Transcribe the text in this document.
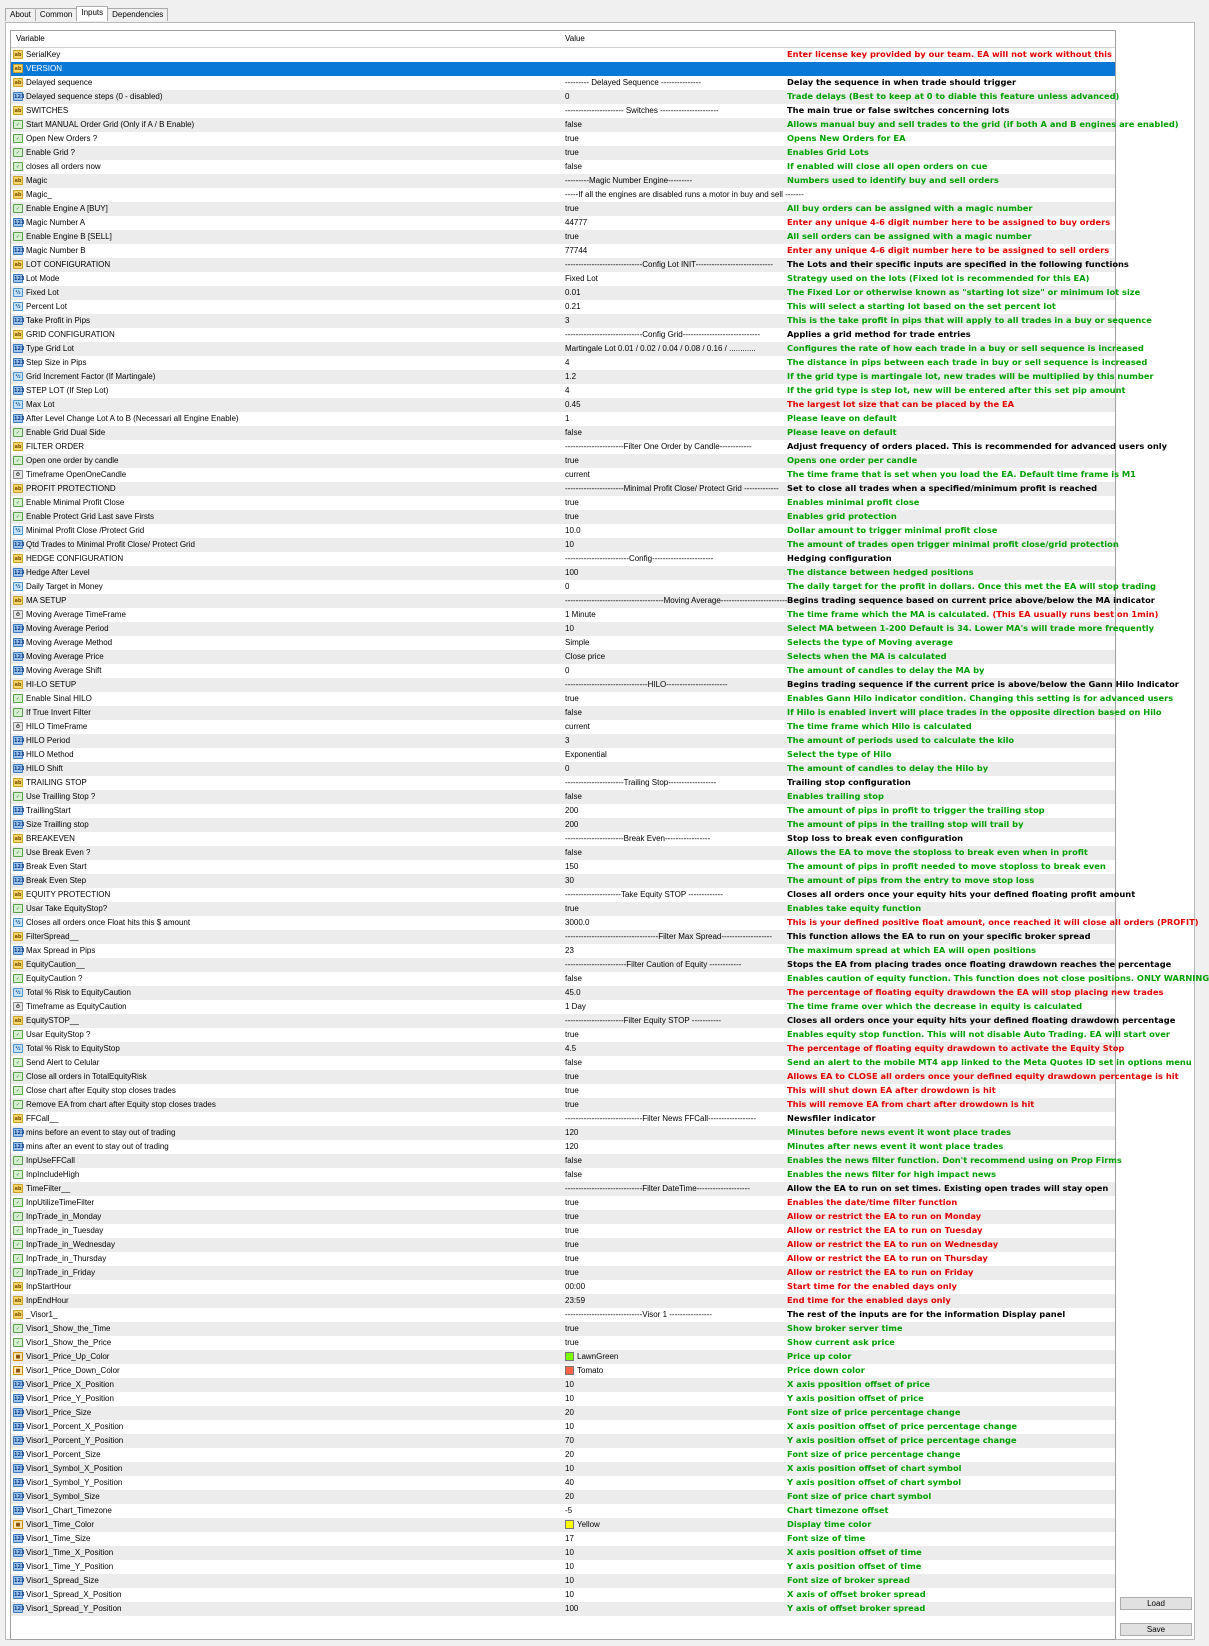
About	Common	Inputs	Dependencies
Variable	Value
ab SerialKey	Enter license key provided by our team. EA will not work without this
ab VERSION
ab Delayed sequence	--------- Delayed Sequence ---------------	Delay the sequence in when trade should trigger
123 Delayed sequence steps (0 - disabled)	0	Trade delays (Best to keep at 0 to diable this feature unless advanced)
ab SWITCHES	---------------------- Switches ----------------------	The main true or false switches concerning lots
✓ Start MANUAL Order Grid (Only if A / B Enable)	false	Allows manual buy and sell trades to the grid (if both A and B engines are enabled)
✓ Open New Orders ?	true	Opens New Orders for EA
✓ Enable Grid ?	true	Enables Grid Lots
✓ closes all orders now	false	If enabled will close all open orders on cue
ab Magic	---------Magic Number Engine---------	Numbers used to identify buy and sell orders
ab Magic_	-----If all the engines are disabled runs a motor in buy and sell -------
✓ Enable Engine A [BUY]	true	All buy orders can be assigned with a magic number
123 Magic Number A	44777	Enter any unique 4-6 digit number here to be assigned to buy orders
✓ Enable Engine B [SELL]	true	All sell orders can be assigned with a magic number
123 Magic Number B	77744	Enter any unique 4-6 digit number here to be assigned to sell orders
ab LOT CONFIGURATION	-----------------------------Config Lot INIT----------------------------- The Lots and their specific inputs are specified in the following functions
123 Lot Mode	Fixed Lot	Strategy used on the lots (Fixed lot is recommended for this EA)
½ Fixed Lot	0.01	The Fixed Lor or otherwise known as "starting lot size" or minimum lot size
½ Percent Lot	0.21	This will select a starting lot based on the set percent lot
123 Take Profit in Pips	3	This is the take profit in pips that will apply to all trades in a buy or sequence
ab GRID CONFIGURATION	-----------------------------Config Grid-----------------------------	Applies a grid method for trade entries
123 Type Grid Lot	Martingale Lot 0.01 / 0.02 / 0.04 / 0.08 / 0.16 / ............	Configures the rate of how each trade in a buy or sell sequence is increased
123 Step Size in Pips	4	The distance in pips between each trade in buy or sell sequence is increased
½ Grid Increment Factor (If Martingale)	1.2	If the grid type is martingale lot, new trades will be multiplied by this number
123 STEP LOT (If Step Lot)	4	If the grid type is step lot, new will be entered after this set pip amount
½ Max Lot	0.45	The largest lot size that can be placed by the EA
123 After Level Change Lot A to B (Necessari all Engine Enable)	1	Please leave on default
✓ Enable Grid Dual Side	false	Please leave on default
ab FILTER ORDER	----------------------Filter One Order by Candle------------	Adjust frequency of orders placed. This is recommended for advanced users only
✓ Open one order by candle	true	Opens one order per candle
⏱ Timeframe OpenOneCandle	current	The time frame that is set when you load the EA. Default time frame is M1
ab PROFIT PROTECTIOND	----------------------Minimal Profit Close/ Protect Grid ------------- Set to close all trades when a specified/minimum profit is reached
✓ Enable Minimal Profit Close	true	Enables minimal profit close
✓ Enable Protect Grid Last save Firsts	true	Enables grid protection
½ Minimal Profit Close /Protect Grid	10.0	Dollar amount to trigger minimal profit close
123 Qtd Trades to Minimal Profit Close/ Protect Grid	10	The amount of trades open trigger minimal profit close/grid protection
ab HEDGE CONFIGURATION	------------------------Config-----------------------	Hedging configuration
123 Hedge After Level	100	The distance between hedged positions
½ Daily Target in Money	0	The daily target for the profit in dollars. Once this met the EA will stop trading
ab MA SETUP	-------------------------------------Moving Average------------------------- Begins trading sequence based on current price above/below the MA indicator
⏱ Moving Average TimeFrame	1 Minute	The time frame which the MA is calculated. (This EA usually runs best on 1min)
123 Moving Average Period	10	Select MA between 1-200 Default is 34. Lower MA's will trade more frequently
123 Moving Average Method	Simple	Selects the type of Moving average
123 Moving Average Price	Close price	Selects when the MA is calculated
123 Moving Average Shift	0	The amount of candles to delay the MA by
ab HI-LO SETUP	-------------------------------HILO-----------------------	Begins trading sequence if the current price is above/below the Gann Hilo Indicator
✓ Enable Sinal HILO	true	Enables Gann Hilo indicator condition. Changing this setting is for advanced users
✓ If True Invert Filter	false	If Hilo is enabled invert will place trades in the opposite direction based on Hilo
⏱ HILO TimeFrame	current	The time frame which Hilo is calculated
123 HILO Period	3	The amount of periods used to calculate the kilo
123 HILO Method	Exponential	Select the type of Hilo
123 HILO Shift	0	The amount of candles to delay the Hilo by
ab TRAILING STOP	----------------------Trailing Stop------------------	Trailing stop configuration
✓ Use Trailling Stop ?	false	Enables trailing stop
123 TraillingStart	200	The amount of pips in profit to trigger the trailing stop
123 Size Trailling stop	200	The amount of pips in the trailing stop will trail by
ab BREAKEVEN	----------------------Break Even-----------------	Stop loss to break even configuration
✓ Use Break Even ?	false	Allows the EA to move the stoploss to break even when in profit
123 Break Even Start	150	The amount of pips in profit needed to move stoploss to break even
123 Break Even Step	30	The amount of pips from the entry to move stop loss
ab EQUITY PROTECTION	---------------------Take Equity STOP -------------	Closes all orders once your equity hits your defined floating profit amount
✓ Usar Take EquityStop?	true	Enables take equity function
½ Closes all orders once Float hits this $ amount	3000.0	This is your defined positive float amount, once reached it will close all orders (PROFIT)
ab FilterSpread__	-----------------------------------Filter Max Spread------------------- This function allows the EA to run on your specific broker spread
123 Max Spread in Pips	23	The maximum spread at which EA will open positions
ab EquityCaution__	-----------------------Filter Caution of Equity ------------	Stops the EA from placing trades once floating drawdown reaches the percentage
✓ EquityCaution ?	false	Enables caution of equity function. This function does not close positions. ONLY WARNING
½ Total % Risk to EquityCaution	45.0	The percentage of floating equity drawdown the EA will stop placing new trades
⏱ Timeframe as EquityCaution	1 Day	The time frame over which the decrease in equity is calculated
ab EquitySTOP__	----------------------Filter Equity STOP -----------	Closes all orders once your equity hits your defined floating drawdown percentage
✓ Usar EquityStop ?	true	Enables equity stop function. This will not disable Auto Trading. EA will start over
½ Total % Risk to EquityStop	4.5	The percentage of floating equity drawdown to activate the Equity Stop
✓ Send Alert to Celular	false	Send an alert to the mobile MT4 app linked to the Meta Quotes ID set in options menu
✓ Close all orders in TotalEquityRisk	true	Allows EA to CLOSE all orders once your defined equity drawdown percentage is hit
✓ Close chart after Equity stop closes trades	true	This will shut down EA after drowdown is hit
✓ Remove EA from chart after Equity stop closes trades	true	This will remove EA from chart after drowdown is hit
ab FFCall__	-----------------------------Filter News FFCall------------------	Newsfiler indicator
123 mins before an event to stay out of trading	120	Minutes before news event it wont place trades
123 mins after an event to stay out of trading	120	Minutes after news event it wont place trades
✓ InpUseFFCall	false	Enables the news filter function. Don't recommend using on Prop Firms
✓ InpIncludeHigh	false	Enables the news filter for high impact news
ab TimeFilter__	-----------------------------Filter DateTime--------------------	Allow the EA to run on set times. Existing open trades will stay open
✓ InpUtilizeTimeFilter	true	Enables the date/time filter function
✓ InpTrade_in_Monday	true	Allow or restrict the EA to run on Monday
✓ InpTrade_in_Tuesday	true	Allow or restrict the EA to run on Tuesday
✓ InpTrade_in_Wednesday	true	Allow or restrict the EA to run on Wednesday
✓ InpTrade_in_Thursday	true	Allow or restrict the EA to run on Thursday
✓ InpTrade_in_Friday	true	Allow or restrict the EA to run on Friday
ab InpStartHour	00:00	Start time for the enabled days only
ab InpEndHour	23:59	End time for the enabled days only
ab _Visor1_	-----------------------------Visor 1 ----------------	The rest of the inputs are for the information Display panel
✓ Visor1_Show_the_Time	true	Show broker server time
✓ Visor1_Show_the_Price	true	Show current ask price
■ Visor1_Price_Up_Color	LawnGreen	Price up color
■ Visor1_Price_Down_Color	Tomato	Price down color
123 Visor1_Price_X_Position	10	X axis pposition offset of price
123 Visor1_Price_Y_Position	10	Y axis position offset of price
123 Visor1_Price_Size	20	Font size of price percentage change
123 Visor1_Porcent_X_Position	10	X axis position offset of price percentage change
123 Visor1_Porcent_Y_Position	70	Y axis position offset of price percentage change
123 Visor1_Porcent_Size	20	Font size of price percentage change
123 Visor1_Symbol_X_Position	10	X axis position offset of chart symbol
123 Visor1_Symbol_Y_Position	40	Y axis position offset of chart symbol
123 Visor1_Symbol_Size	20	Font size of price chart symbol
123 Visor1_Chart_Timezone	-5	Chart timezone offset
■ Visor1_Time_Color	Yellow	Display time color
123 Visor1_Time_Size	17	Font size of time
123 Visor1_Time_X_Position	10	X axis position offset of time
123 Visor1_Time_Y_Position	10	Y axis position offset of time
123 Visor1_Spread_Size	10	Font size of broker spread
123 Visor1_Spread_X_Position	10	X axis of offset broker spread
123 Visor1_Spread_Y_Position	100	Y axis of offset broker spread	Load
Save
